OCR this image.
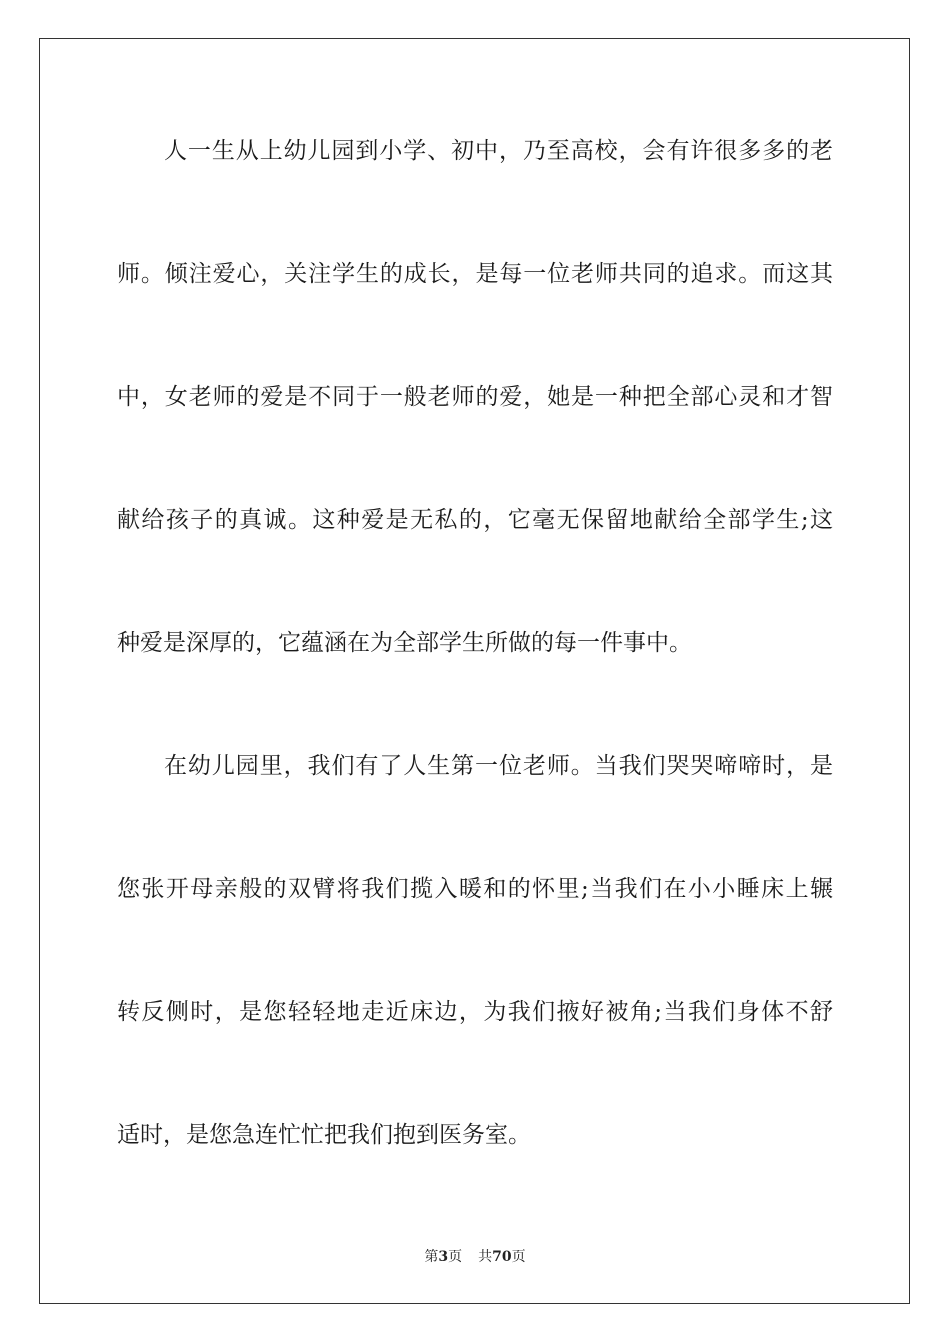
人一生从上幼儿园到小学、初中，乃至高校，会有许很多多的老
师。倾注爱心，关注学生的成长，是每一位老师共同的追求。而这其
中，女老师的爱是不同于一般老师的爱，她是一种把全部心灵和才智
献给孩子的真诚。这种爱是无私的，它毫无保留地献给全部学生;这
种爱是深厚的，它蕴涵在为全部学生所做的每一件事中。
在幼儿园里，我们有了人生第一位老师。当我们哭哭啼啼时，是
您张开母亲般的双臂将我们揽入暖和的怀里;当我们在小小睡床上辗
转反侧时，是您轻轻地走近床边，为我们掖好被角;当我们身体不舒
适时，是您急连忙忙把我们抱到医务室。
第3页 共70页
